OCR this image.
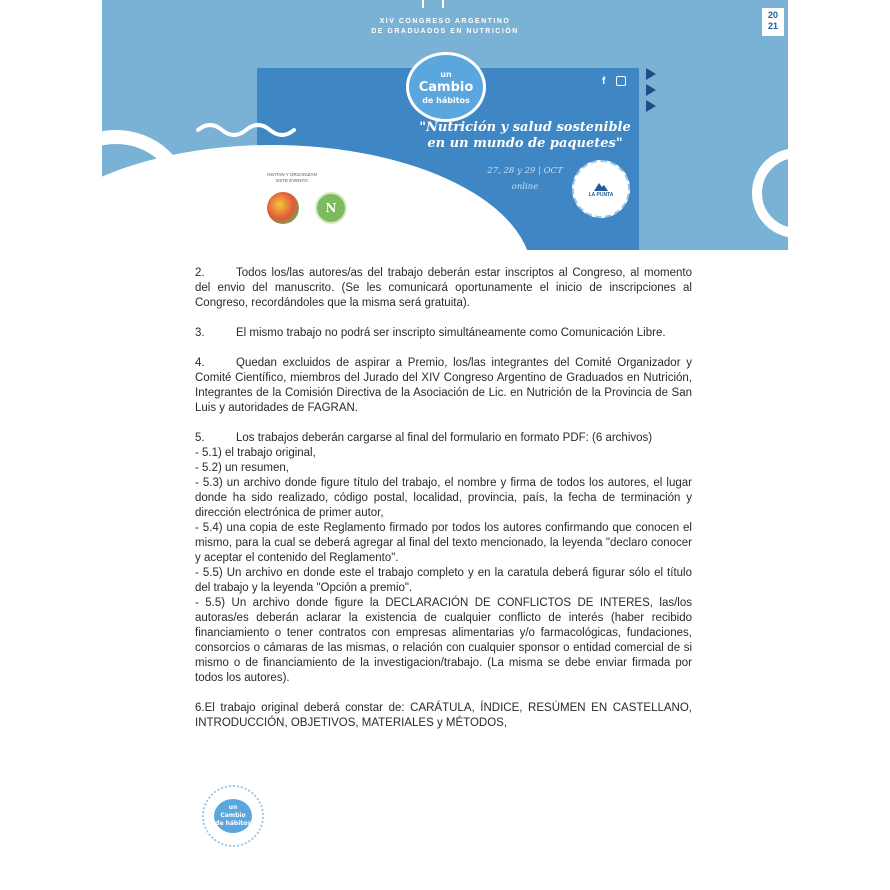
XIV CONGRESO ARGENTINO
DE GRADUADOS EN NUTRICIÓN
20
21
un
Cambio
de hábitos
f
"Nutrición y salud sostenible
en un mundo de paquetes"
27, 28 y 29 | OCT
online
INVITAN Y ORGANIZAN
ESTE EVENTO
N
LA PUNTA

2.	Todos los/las autores/as del trabajo deberán estar inscriptos al Congreso, al momento del envio del manuscrito. (Se les comunicará oportunamente el inicio de inscripciones al Congreso, recordándoles que la misma será gratuita).

3.	El mismo trabajo no podrá ser inscripto simultáneamente como Comunicación Libre.

4.	Quedan excluidos de aspirar a Premio, los/las integrantes del Comité Organizador y Comité Científico, miembros del Jurado del XIV Congreso Argentino de Graduados en Nutrición, Integrantes de la Comisión Directiva de la Asociación de Lic. en Nutrición de la Provincia de San Luis y autoridades de FAGRAN.

5.	Los trabajos deberán cargarse al final del formulario en formato PDF: (6 archivos)
- 5.1) el trabajo original,
- 5.2) un resumen,
- 5.3) un archivo donde figure título del trabajo, el nombre y firma de todos los autores, el lugar donde ha sido realizado, código postal, localidad, provincia, país, la fecha de terminación y dirección electrónica de primer autor,
- 5.4) una copia de este Reglamento firmado por todos los autores confirmando que conocen el mismo, para la cual se deberá agregar al final del texto mencionado, la leyenda "declaro conocer y aceptar el contenido del Reglamento".
- 5.5) Un archivo en donde este el trabajo completo y en la caratula deberá figurar sólo el título del trabajo y la leyenda "Opción a premio".
- 5.5) Un archivo donde figure la DECLARACIÓN DE CONFLICTOS DE INTERES, las/los autoras/es deberán aclarar la existencia de cualquier conflicto de interés (haber recibido financiamiento o tener contratos con empresas alimentarias y/o farmacológicas, fundaciones, consorcios o cámaras de las mismas, o relación con cualquier sponsor o entidad comercial de si mismo o de financiamiento de la investigacion/trabajo. (La misma se debe enviar firmada por todos los autores).

6.El trabajo original deberá constar de: CARÁTULA, ÍNDICE, RESÚMEN EN CASTELLANO, INTRODUCCIÓN, OBJETIVOS, MATERIALES y MÉTODOS,

un
Cambio
de hábitos
